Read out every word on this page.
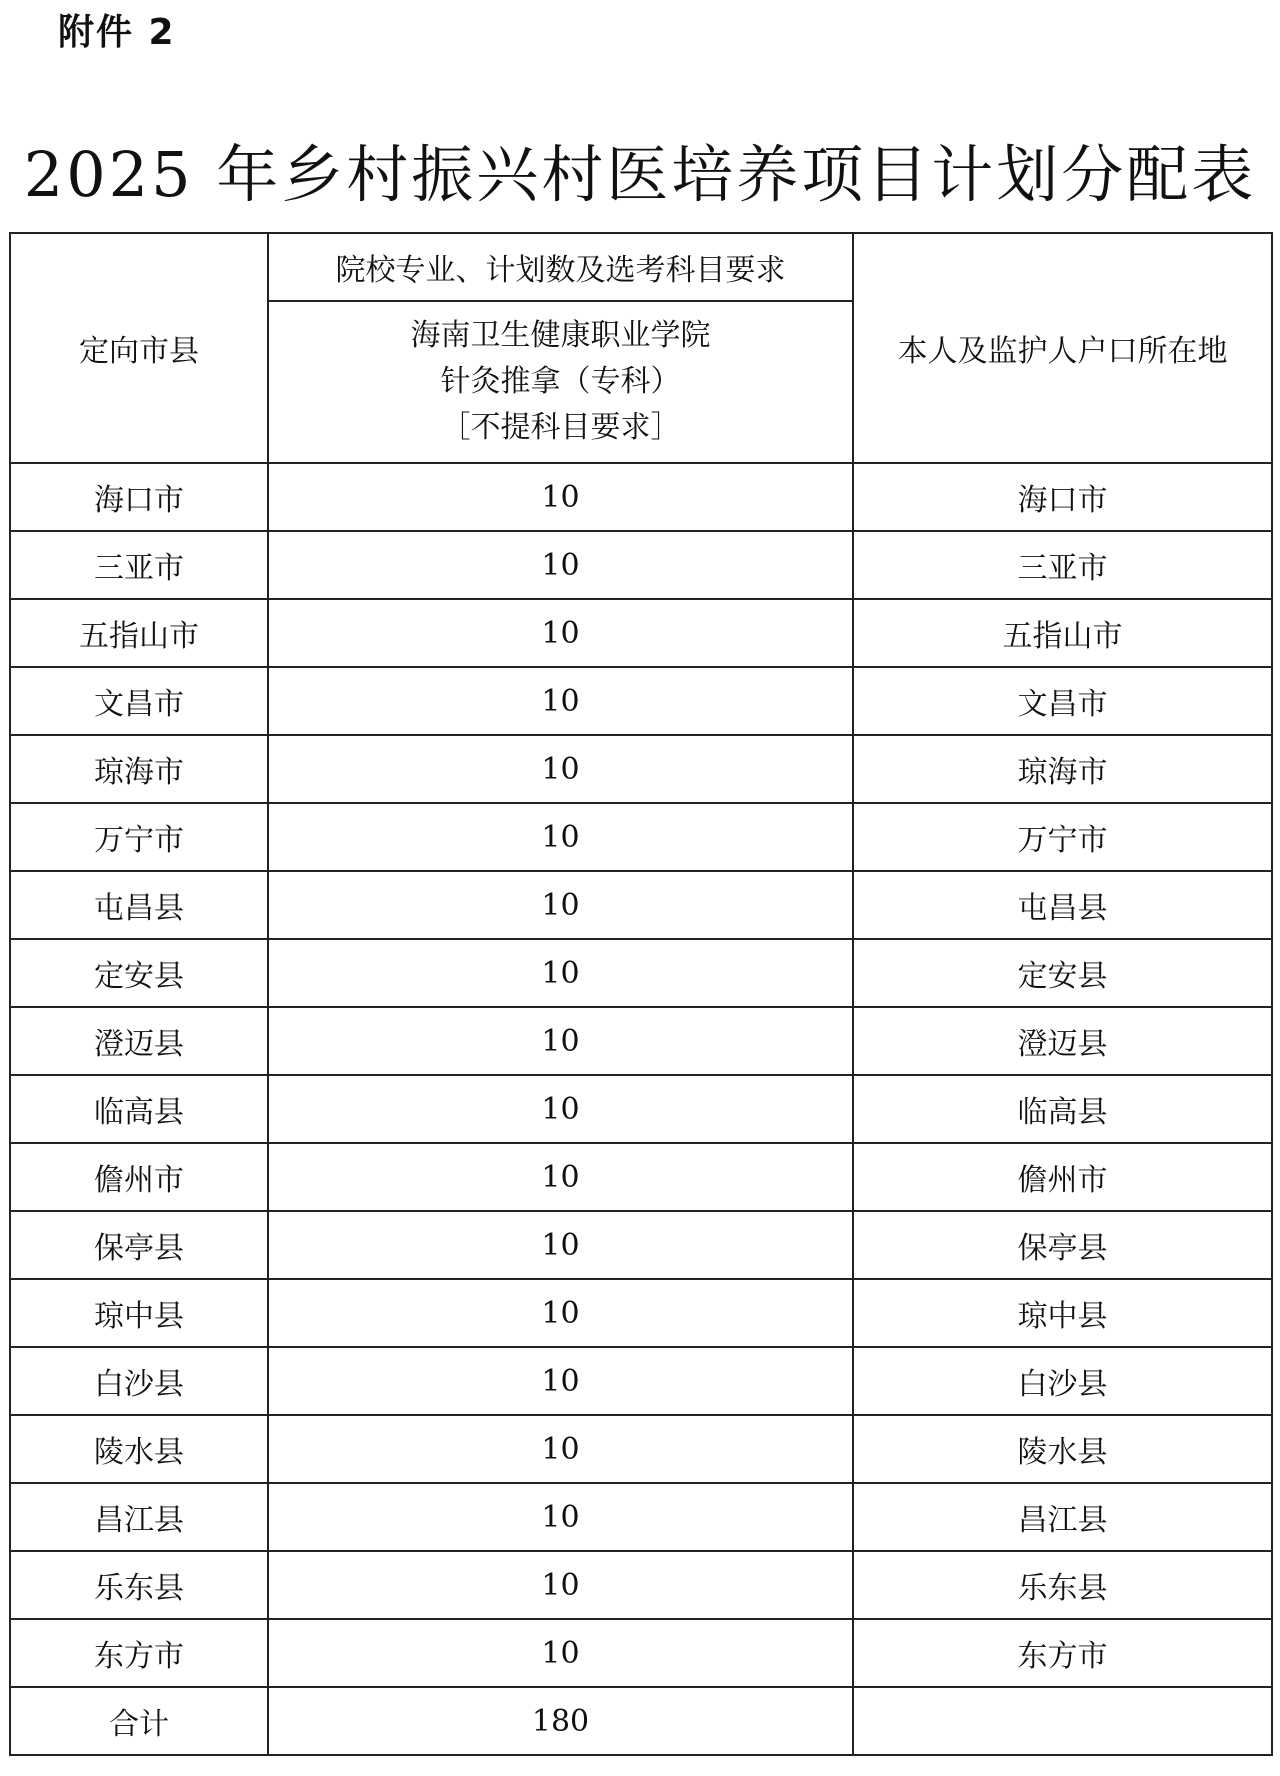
附件 2
2025 年乡村振兴村医培养项目计划分配表
定向市县	院校专业、计划数及选考科目要求	本人及监护人户口所在地

	海南卫生健康职业学院
针灸推拿（专科）
［不提科目要求］	

海口市	10	海口市
三亚市	10	三亚市
五指山市	10	五指山市
文昌市	10	文昌市
琼海市	10	琼海市
万宁市	10	万宁市
屯昌县	10	屯昌县
定安县	10	定安县
澄迈县	10	澄迈县
临高县	10	临高县
儋州市	10	儋州市
保亭县	10	保亭县
琼中县	10	琼中县
白沙县	10	白沙县
陵水县	10	陵水县
昌江县	10	昌江县
乐东县	10	乐东县
东方市	10	东方市
合计	180	
